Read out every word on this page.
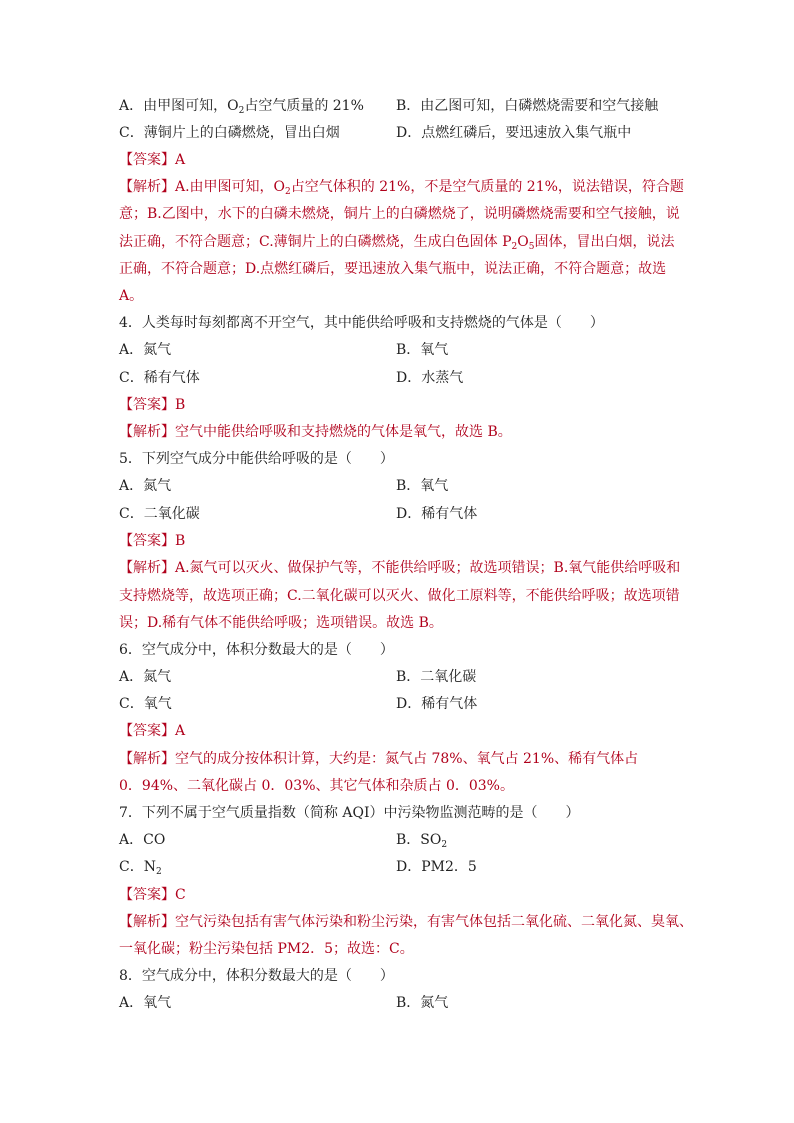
A．由甲图可知，$O_2$占空气质量的 21% B．由乙图可知，白磷燃烧需要和空气接触
C．薄铜片上的白磷燃烧，冒出白烟	D．点燃红磷后，要迅速放入集气瓶中
【答案】A
【解析】A.由甲图可知，$O_2$占空气体积的 21%，不是空气质量的 21%，说法错误，符合题
意；B.乙图中，水下的白磷未燃烧，铜片上的白磷燃烧了，说明磷燃烧需要和空气接触，说
法正确，不符合题意；C.薄铜片上的白磷燃烧，生成白色固体 $P_2O_5$固体，冒出白烟，说法
正确，不符合题意；D.点燃红磷后，要迅速放入集气瓶中，说法正确，不符合题意；故选
A。
4．人类每时每刻都离不开空气，其中能供给呼吸和支持燃烧的气体是（　　）
A．氮气	B．氧气
C．稀有气体	D．水蒸气
【答案】B
【解析】空气中能供给呼吸和支持燃烧的气体是氧气，故选 B。
5．下列空气成分中能供给呼吸的是（　　）
A．氮气	B．氧气
C．二氧化碳	D．稀有气体
【答案】B
【解析】A.氮气可以灭火、做保护气等，不能供给呼吸；故选项错误；B.氧气能供给呼吸和
支持燃烧等，故选项正确；C.二氧化碳可以灭火、做化工原料等，不能供给呼吸；故选项错
误；D.稀有气体不能供给呼吸；选项错误。故选 B。
6．空气成分中，体积分数最大的是（　　）
A．氮气	B．二氧化碳
C．氧气	D．稀有气体
【答案】A
【解析】空气的成分按体积计算，大约是：氮气占 78%、氧气占 21%、稀有气体占
0．94%、二氧化碳占 0．03%、其它气体和杂质占 0．03%。
7．下列不属于空气质量指数（简称 AQI）中污染物监测范畴的是（　　）
A．CO	B．$SO_2$
C．$N_2$	D．PM2．5
【答案】C
【解析】空气污染包括有害气体污染和粉尘污染，有害气体包括二氧化硫、二氧化氮、臭氧、
一氧化碳；粉尘污染包括 PM2．5；故选：C。
8．空气成分中，体积分数最大的是（　　）
A．氧气	B．氮气
